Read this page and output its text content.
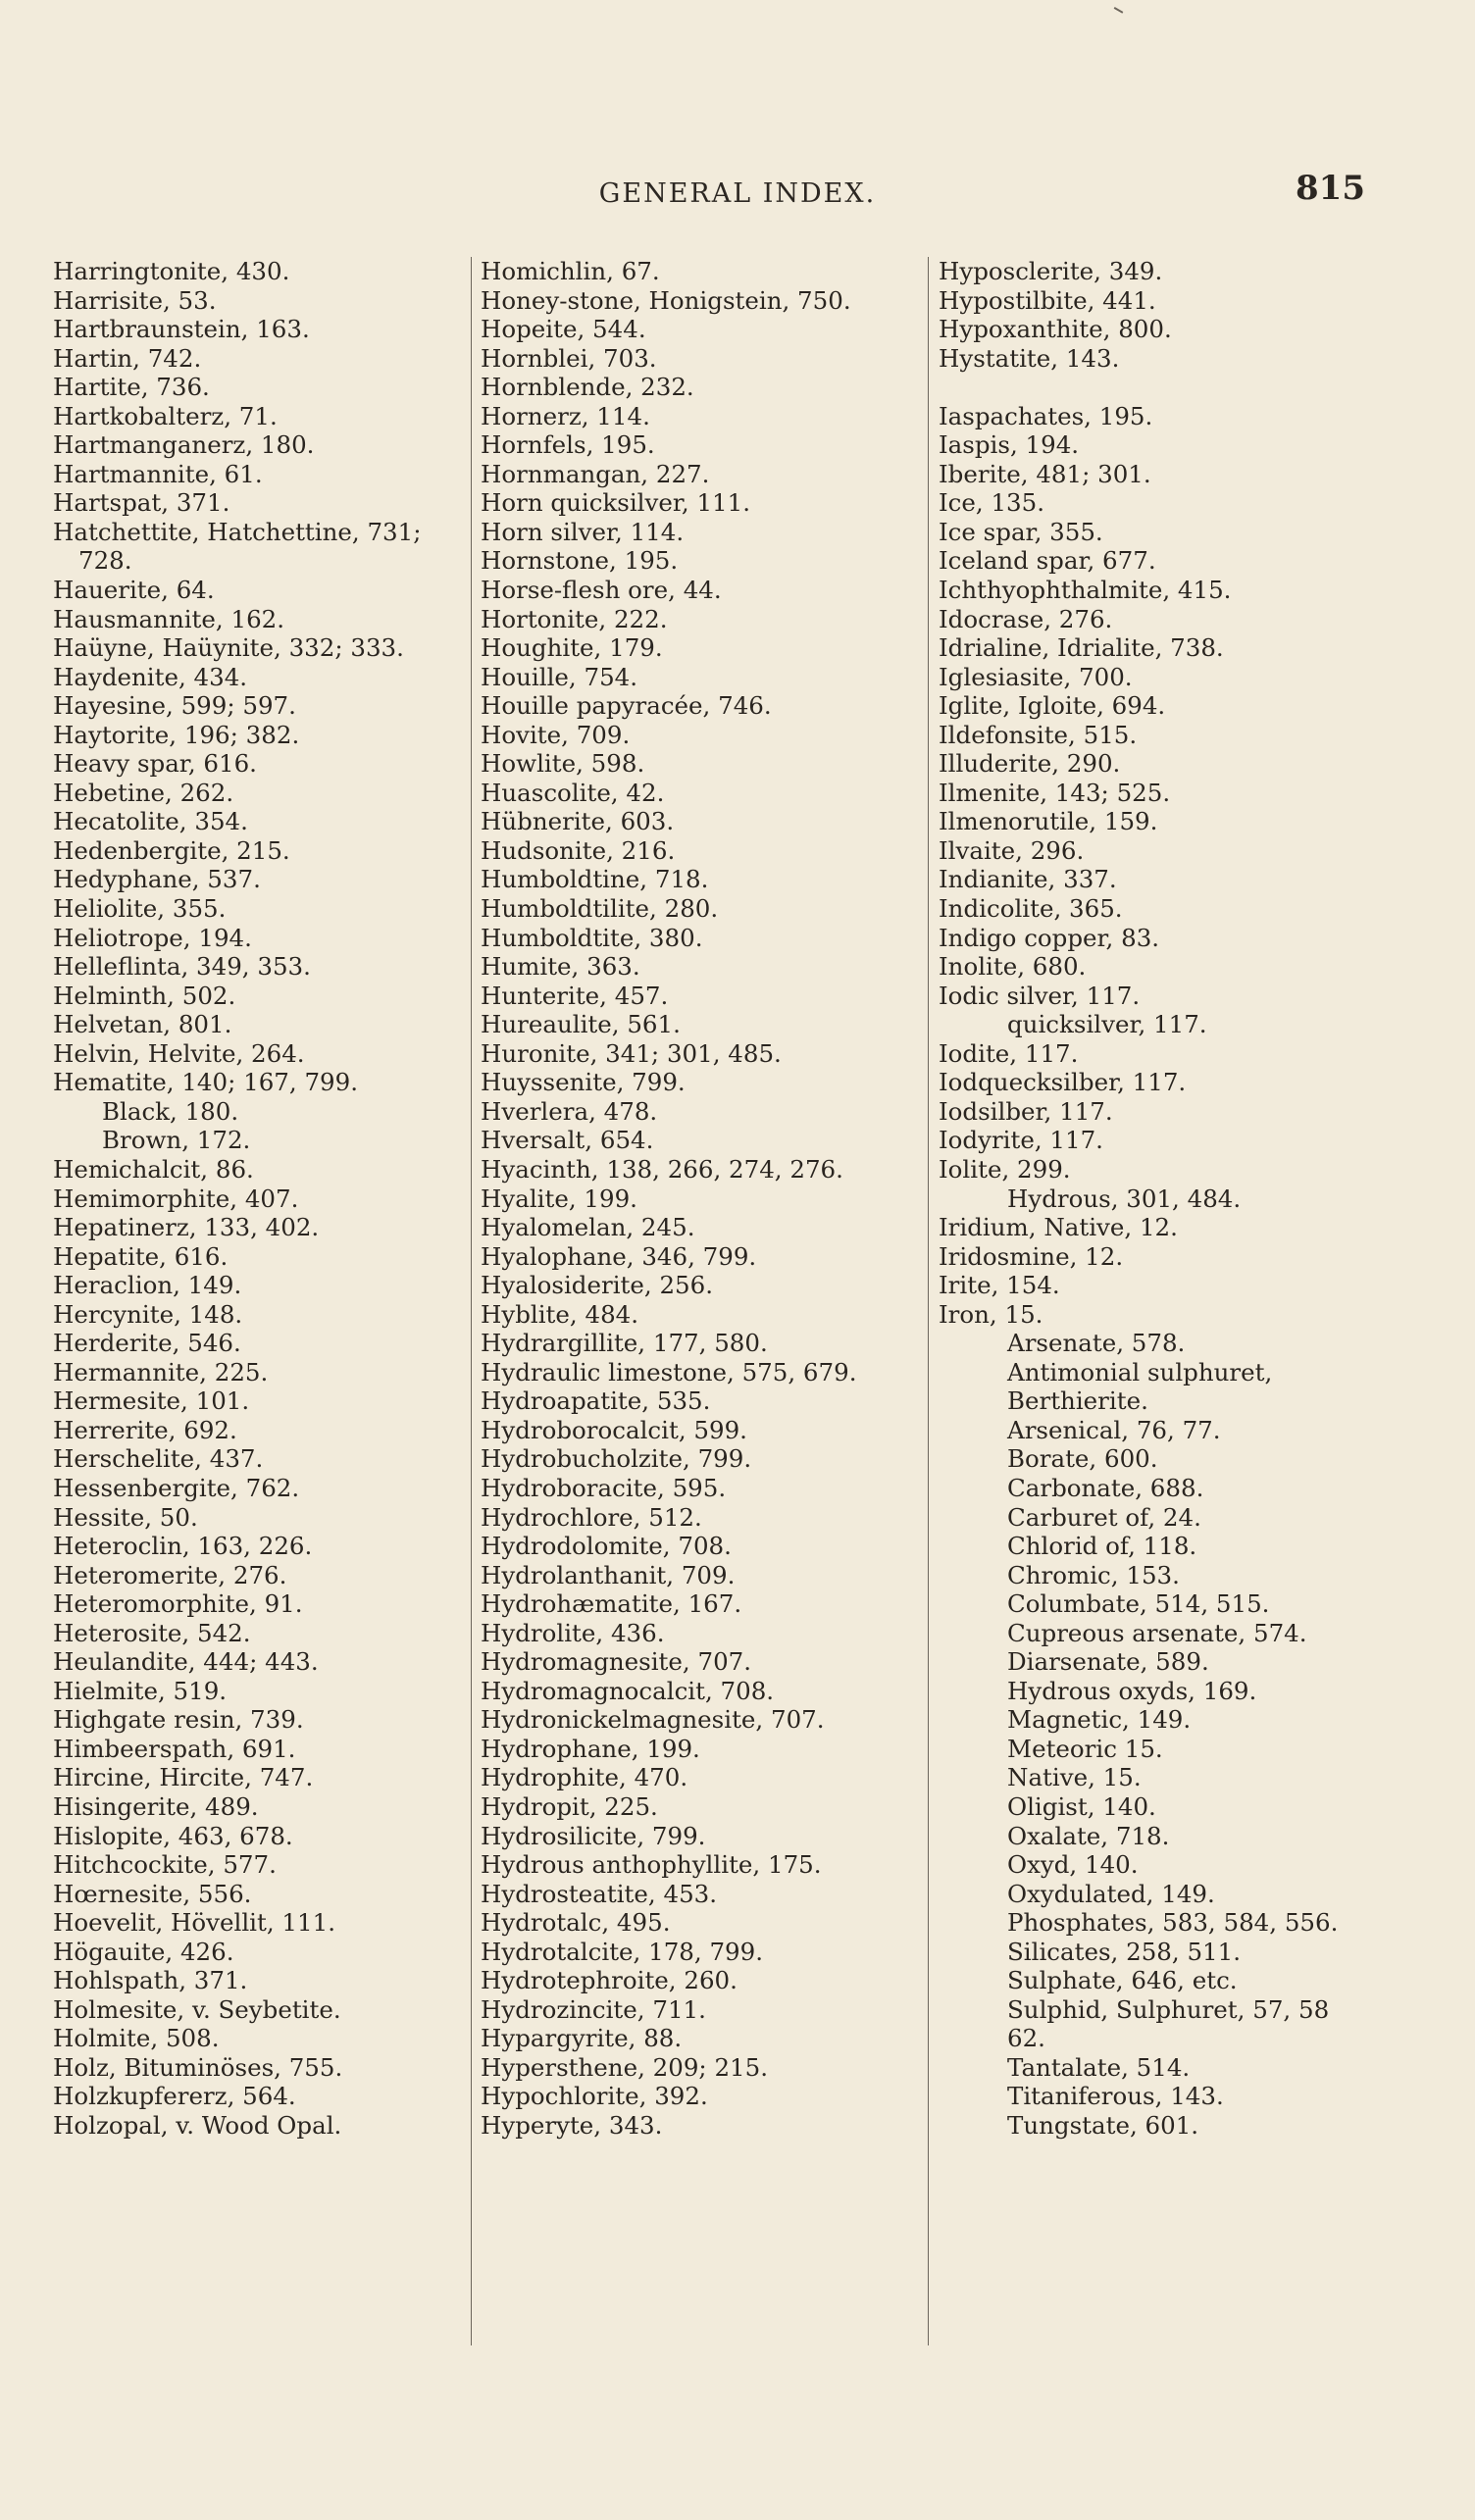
GENERAL INDEX.	815
Harringtonite, 430.
Harrisite, 53.
Hartbraunstein, 163.
Hartin, 742.
Hartite, 736.
Hartkobalterz, 71.
Hartmanganerz, 180.
Hartmannite, 61.
Hartspat, 371.
Hatchettite, Hatchettine, 731;
728.
Hauerite, 64.
Hausmannite, 162.
Haüyne, Haüynite, 332; 333.
Haydenite, 434.
Hayesine, 599; 597.
Haytorite, 196; 382.
Heavy spar, 616.
Hebetine, 262.
Hecatolite, 354.
Hedenbergite, 215.
Hedyphane, 537.
Heliolite, 355.
Heliotrope, 194.
Helleflinta, 349, 353.
Helminth, 502.
Helvetan, 801.
Helvin, Helvite, 264.
Hematite, 140; 167, 799.
Black, 180.
Brown, 172.
Hemichalcit, 86.
Hemimorphite, 407.
Hepatinerz, 133, 402.
Hepatite, 616.
Heraclion, 149.
Hercynite, 148.
Herderite, 546.
Hermannite, 225.
Hermesite, 101.
Herrerite, 692.
Herschelite, 437.
Hessenbergite, 762.
Hessite, 50.
Heteroclin, 163, 226.
Heteromerite, 276.
Heteromorphite, 91.
Heterosite, 542.
Heulandite, 444; 443.
Hielmite, 519.
Highgate resin, 739.
Himbeerspath, 691.
Hircine, Hircite, 747.
Hisingerite, 489.
Hislopite, 463, 678.
Hitchcockite, 577.
Hœrnesite, 556.
Hoevelit, Hövellit, 111.
Högauite, 426.
Hohlspath, 371.
Holmesite, v. Seybetite.
Holmite, 508.
Holz, Bituminöses, 755.
Holzkupfererz, 564.
Holzopal, v. Wood Opal.
Homichlin, 67.
Honey-stone, Honigstein, 750.
Hopeite, 544.
Hornblei, 703.
Hornblende, 232.
Hornerz, 114.
Hornfels, 195.
Hornmangan, 227.
Horn quicksilver, 111.
Horn silver, 114.
Hornstone, 195.
Horse-flesh ore, 44.
Hortonite, 222.
Houghite, 179.
Houille, 754.
Houille papyracée, 746.
Hovite, 709.
Howlite, 598.
Huascolite, 42.
Hübnerite, 603.
Hudsonite, 216.
Humboldtine, 718.
Humboldtilite, 280.
Humboldtite, 380.
Humite, 363.
Hunterite, 457.
Hureaulite, 561.
Huronite, 341; 301, 485.
Huyssenite, 799.
Hverlera, 478.
Hversalt, 654.
Hyacinth, 138, 266, 274, 276.
Hyalite, 199.
Hyalomelan, 245.
Hyalophane, 346, 799.
Hyalosiderite, 256.
Hyblite, 484.
Hydrargillite, 177, 580.
Hydraulic limestone, 575, 679.
Hydroapatite, 535.
Hydroborocalcit, 599.
Hydrobucholzite, 799.
Hydroboracite, 595.
Hydrochlore, 512.
Hydrodolomite, 708.
Hydrolanthanit, 709.
Hydrohæmatite, 167.
Hydrolite, 436.
Hydromagnesite, 707.
Hydromagnocalcit, 708.
Hydronickelmagnesite, 707.
Hydrophane, 199.
Hydrophite, 470.
Hydropit, 225.
Hydrosilicite, 799.
Hydrous anthophyllite, 175.
Hydrosteatite, 453.
Hydrotalc, 495.
Hydrotalcite, 178, 799.
Hydrotephroite, 260.
Hydrozincite, 711.
Hypargyrite, 88.
Hypersthene, 209; 215.
Hypochlorite, 392.
Hyperyte, 343.
Hyposclerite, 349.
Hypostilbite, 441.
Hypoxanthite, 800.
Hystatite, 143.
Iaspachates, 195.
Iaspis, 194.
Iberite, 481; 301.
Ice, 135.
Ice spar, 355.
Iceland spar, 677.
Ichthyophthalmite, 415.
Idocrase, 276.
Idrialine, Idrialite, 738.
Iglesiasite, 700.
Iglite, Igloite, 694.
Ildefonsite, 515.
Illuderite, 290.
Ilmenite, 143; 525.
Ilmenorutile, 159.
Ilvaite, 296.
Indianite, 337.
Indicolite, 365.
Indigo copper, 83.
Inolite, 680.
Iodic silver, 117.
quicksilver, 117.
Iodite, 117.
Iodquecksilber, 117.
Iodsilber, 117.
Iodyrite, 117.
Iolite, 299.
Hydrous, 301, 484.
Iridium, Native, 12.
Iridosmine, 12.
Irite, 154.
Iron, 15.
Arsenate, 578.
Antimonial sulphuret,
Berthierite.
Arsenical, 76, 77.
Borate, 600.
Carbonate, 688.
Carburet of, 24.
Chlorid of, 118.
Chromic, 153.
Columbate, 514, 515.
Cupreous arsenate, 574.
Diarsenate, 589.
Hydrous oxyds, 169.
Magnetic, 149.
Meteoric 15.
Native, 15.
Oligist, 140.
Oxalate, 718.
Oxyd, 140.
Oxydulated, 149.
Phosphates, 583, 584, 556.
Silicates, 258, 511.
Sulphate, 646, etc.
Sulphid, Sulphuret, 57, 58
62.
Tantalate, 514.
Titaniferous, 143.
Tungstate, 601.
